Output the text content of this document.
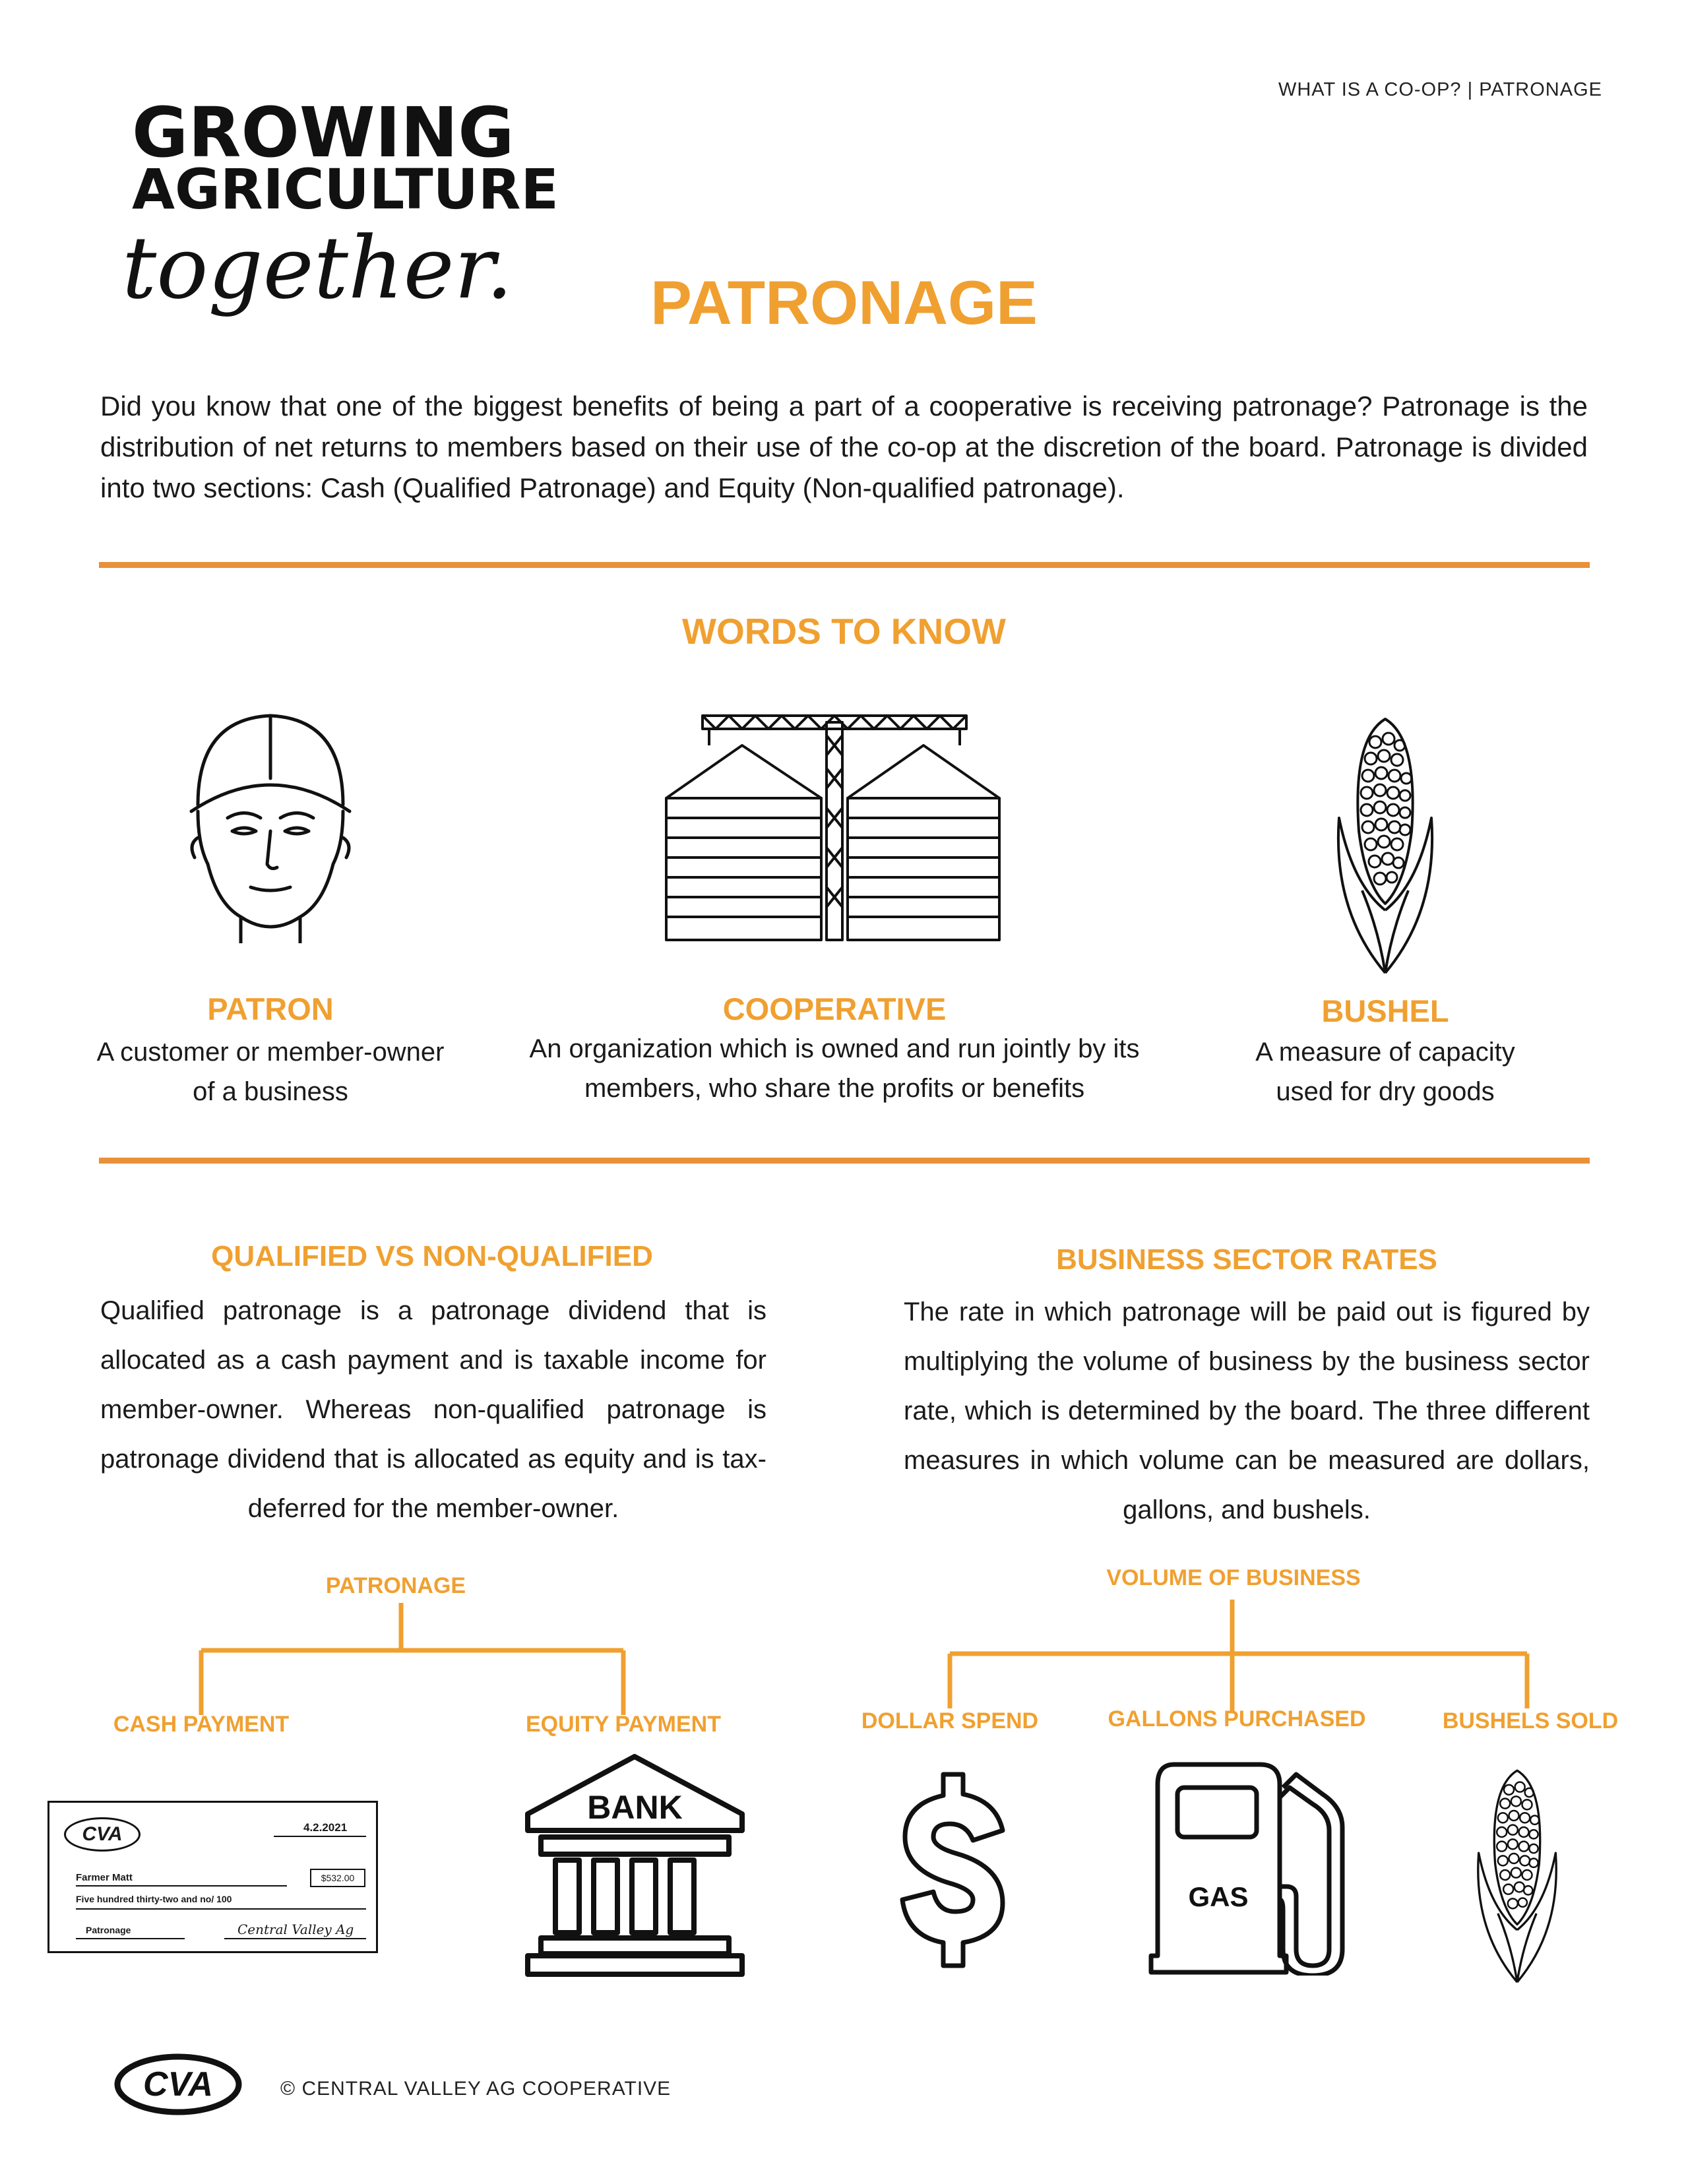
WHAT IS A CO-OP? | PATRONAGE
GROWING
AGRICULTURE
together.	PATRONAGE
Did you know that one of the biggest benefits of being a part of a cooperative is receiving patronage? Patronage is the distribution of net returns to members based on their use of the co-op at the discretion of the board. Patronage is divided into two sections: Cash (Qualified Patronage) and Equity (Non-qualified patronage).
WORDS TO KNOW
PATRON
A customer or member-owner
of a business
COOPERATIVE
An organization which is owned and run jointly by its
members, who share the profits or benefits
BUSHEL
A measure of capacity
used for dry goods
QUALIFIED VS NON-QUALIFIED
Qualified patronage is a patronage dividend that is allocated as a cash payment and is taxable income for member-owner. Whereas non-qualified patronage is patronage dividend that is allocated as equity and is tax-deferred for the member-owner.
BUSINESS SECTOR RATES
The rate in which patronage will be paid out is figured by multiplying the volume of business by the business sector rate, which is determined by the board. The three different measures in which volume can be measured are dollars, gallons, and bushels.
PATRONAGE
CASH PAYMENT	EQUITY PAYMENT
CVA	4.2.2021
Farmer Matt	$532.00
Five hundred thirty-two and no/ 100
Patronage	Central Valley Ag
BANK
VOLUME OF BUSINESS
DOLLAR SPEND	GALLONS PURCHASED	BUSHELS SOLD
GAS
CVA	© CENTRAL VALLEY AG COOPERATIVE
